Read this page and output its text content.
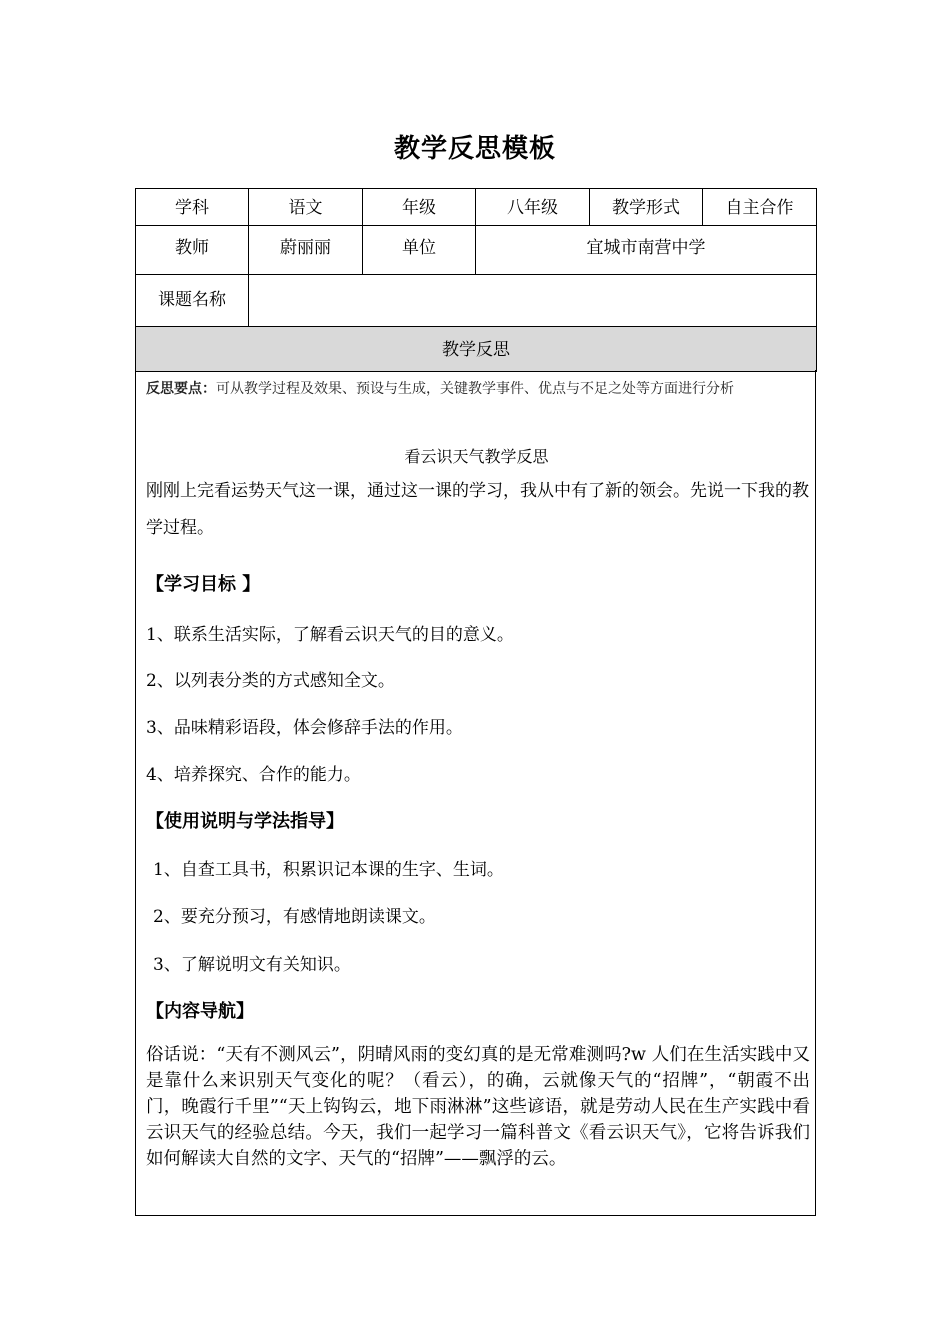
教学反思模板
学科	语文	年级	八年级	教学形式	自主合作
教师	蔚丽丽	单位	宜城市南营中学		
课题名称					
教学反思					
反思要点：可从教学过程及效果、预设与生成，关键教学事件、优点与不足之处等方面进行分析
看云识天气教学反思
刚刚上完看运势天气这一课，通过这一课的学习，我从中有了新的领会。先说一下我的教学过程。
【学习目标 】
1、联系生活实际，了解看云识天气的目的意义。
2、以列表分类的方式感知全文。
3、品味精彩语段，体会修辞手法的作用。
4、培养探究、合作的能力。
【使用说明与学法指导】
1、自查工具书，积累识记本课的生字、生词。
2、要充分预习，有感情地朗读课文。
3、了解说明文有关知识。
【内容导航】
俗话说：“天有不测风云”，阴晴风雨的变幻真的是无常难测吗?w 人们在生活实践中又是靠什么来识别天气变化的呢？（看云），的确，云就像天气的“招牌”，“朝霞不出门，晚霞行千里”“天上钩钩云，地下雨淋淋”这些谚语，就是劳动人民在生产实践中看云识天气的经验总结。今天，我们一起学习一篇科普文《看云识天气》，它将告诉我们如何解读大自然的文字、天气的“招牌”——飘浮的云。
